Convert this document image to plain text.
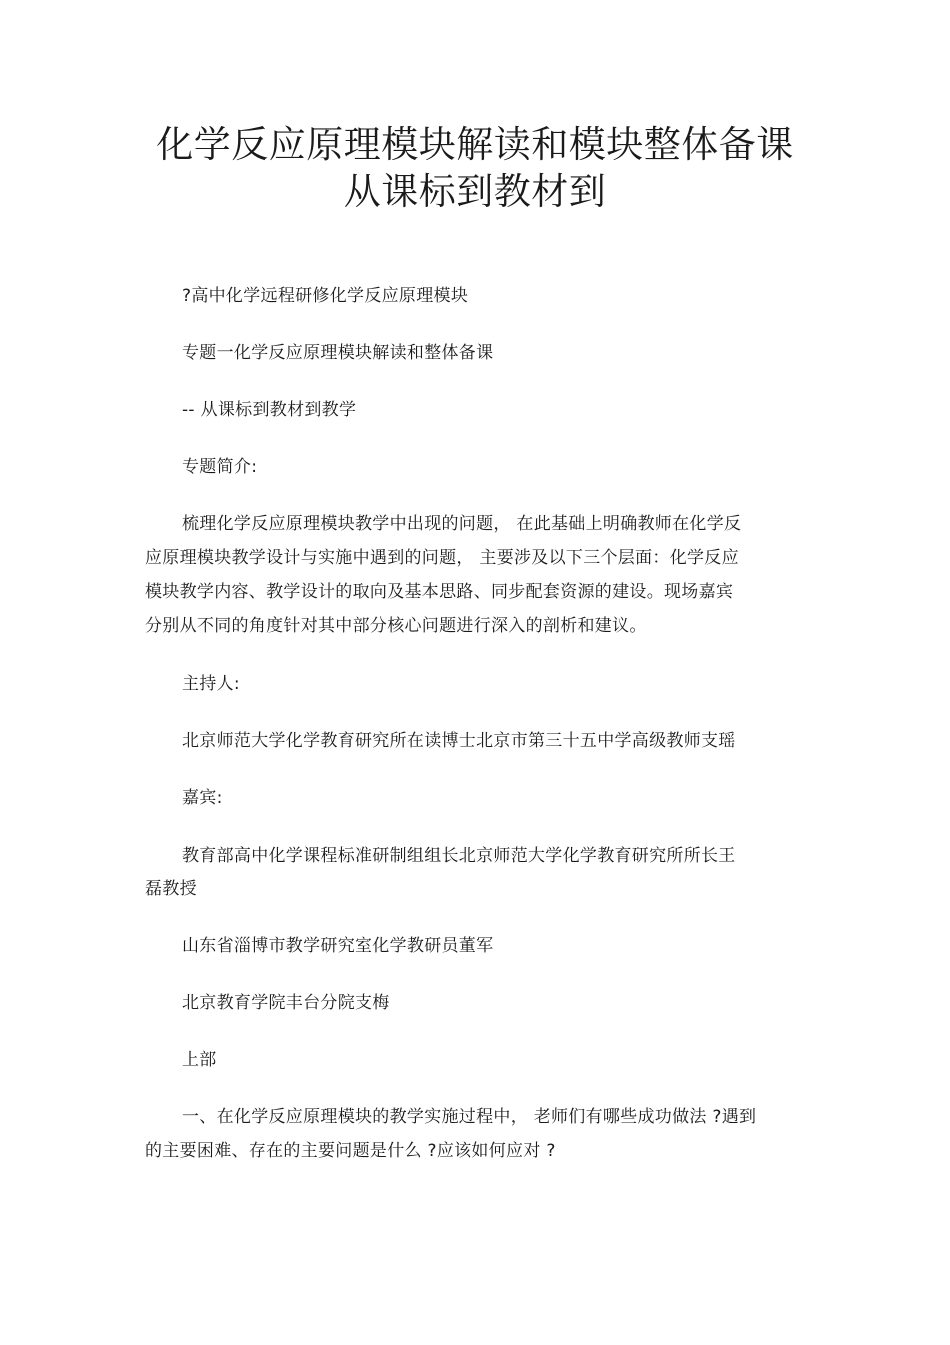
化学反应原理模块解读和模块整体备课
从课标到教材到
?高中化学远程研修化学反应原理模块
专题一化学反应原理模块解读和整体备课
-- 从课标到教材到教学
专题简介:
梳理化学反应原理模块教学中出现的问题， 在此基础上明确教师在化学反
应原理模块教学设计与实施中遇到的问题， 主要涉及以下三个层面：化学反应
模块教学内容、教学设计的取向及基本思路、同步配套资源的建设。现场嘉宾
分别从不同的角度针对其中部分核心问题进行深入的剖析和建议。
主持人:
北京师范大学化学教育研究所在读博士北京市第三十五中学高级教师支瑶
嘉宾:
教育部高中化学课程标准研制组组长北京师范大学化学教育研究所所长王
磊教授
山东省淄博市教学研究室化学教研员董军
北京教育学院丰台分院支梅
上部
一、在化学反应原理模块的教学实施过程中， 老师们有哪些成功做法 ?遇到
的主要困难、存在的主要问题是什么 ?应该如何应对 ?
